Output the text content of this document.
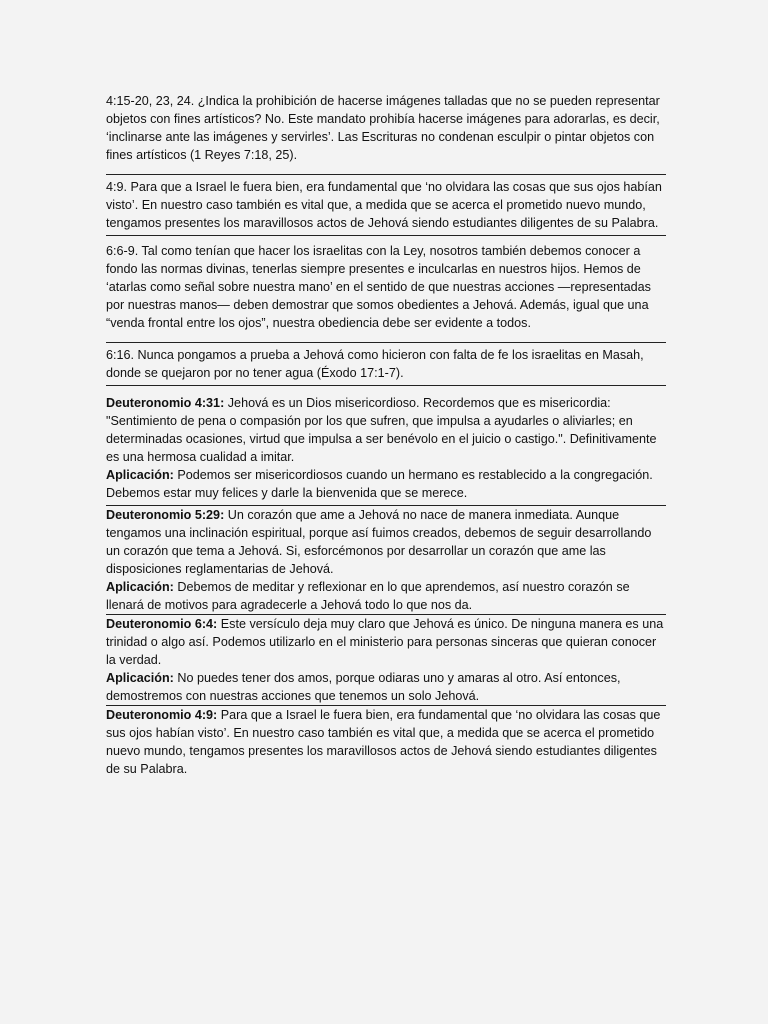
4:15-20, 23, 24. ¿Indica la prohibición de hacerse imágenes talladas que no se pueden representar objetos con fines artísticos? No. Este mandato prohibía hacerse imágenes para adorarlas, es decir, ‘inclinarse ante las imágenes y servirles’. Las Escrituras no condenan esculpir o pintar objetos con fines artísticos (1 Reyes 7:18, 25).

4:9. Para que a Israel le fuera bien, era fundamental que ‘no olvidara las cosas que sus ojos habían visto’. En nuestro caso también es vital que, a medida que se acerca el prometido nuevo mundo, tengamos presentes los maravillosos actos de Jehová siendo estudiantes diligentes de su Palabra.

6:6-9. Tal como tenían que hacer los israelitas con la Ley, nosotros también debemos conocer a fondo las normas divinas, tenerlas siempre presentes e inculcarlas en nuestros hijos. Hemos de ‘atarlas como señal sobre nuestra mano’ en el sentido de que nuestras acciones —representadas por nuestras manos— deben demostrar que somos obedientes a Jehová. Además, igual que una “venda frontal entre los ojos”, nuestra obediencia debe ser evidente a todos.

6:16. Nunca pongamos a prueba a Jehová como hicieron con falta de fe los israelitas en Masah, donde se quejaron por no tener agua (Éxodo 17:1-7).

Deuteronomio 4:31: Jehová es un Dios misericordioso. Recordemos que es misericordia: "Sentimiento de pena o compasión por los que sufren, que impulsa a ayudarles o aliviarles; en determinadas ocasiones, virtud que impulsa a ser benévolo en el juicio o castigo.". Definitivamente es una hermosa cualidad a imitar.

Aplicación: Podemos ser misericordiosos cuando un hermano es restablecido a la congregación. Debemos estar muy felices y darle la bienvenida que se merece.

Deuteronomio 5:29: Un corazón que ame a Jehová no nace de manera inmediata. Aunque tengamos una inclinación espiritual, porque así fuimos creados, debemos de seguir desarrollando un corazón que tema a Jehová. Si, esforcémonos por desarrollar un corazón que ame las disposiciones reglamentarias de Jehová.

Aplicación: Debemos de meditar y reflexionar en lo que aprendemos, así nuestro corazón se llenará de motivos para agradecerle a Jehová todo lo que nos da.

Deuteronomio 6:4: Este versículo deja muy claro que Jehová es único. De ninguna manera es una trinidad o algo así. Podemos utilizarlo en el ministerio para personas sinceras que quieran conocer la verdad.

Aplicación: No puedes tener dos amos, porque odiaras uno y amaras al otro. Así entonces, demostremos con nuestras acciones que tenemos un solo Jehová.

Deuteronomio 4:9: Para que a Israel le fuera bien, era fundamental que ‘no olvidara las cosas que sus ojos habían visto’. En nuestro caso también es vital que, a medida que se acerca el prometido nuevo mundo, tengamos presentes los maravillosos actos de Jehová siendo estudiantes diligentes de su Palabra.
